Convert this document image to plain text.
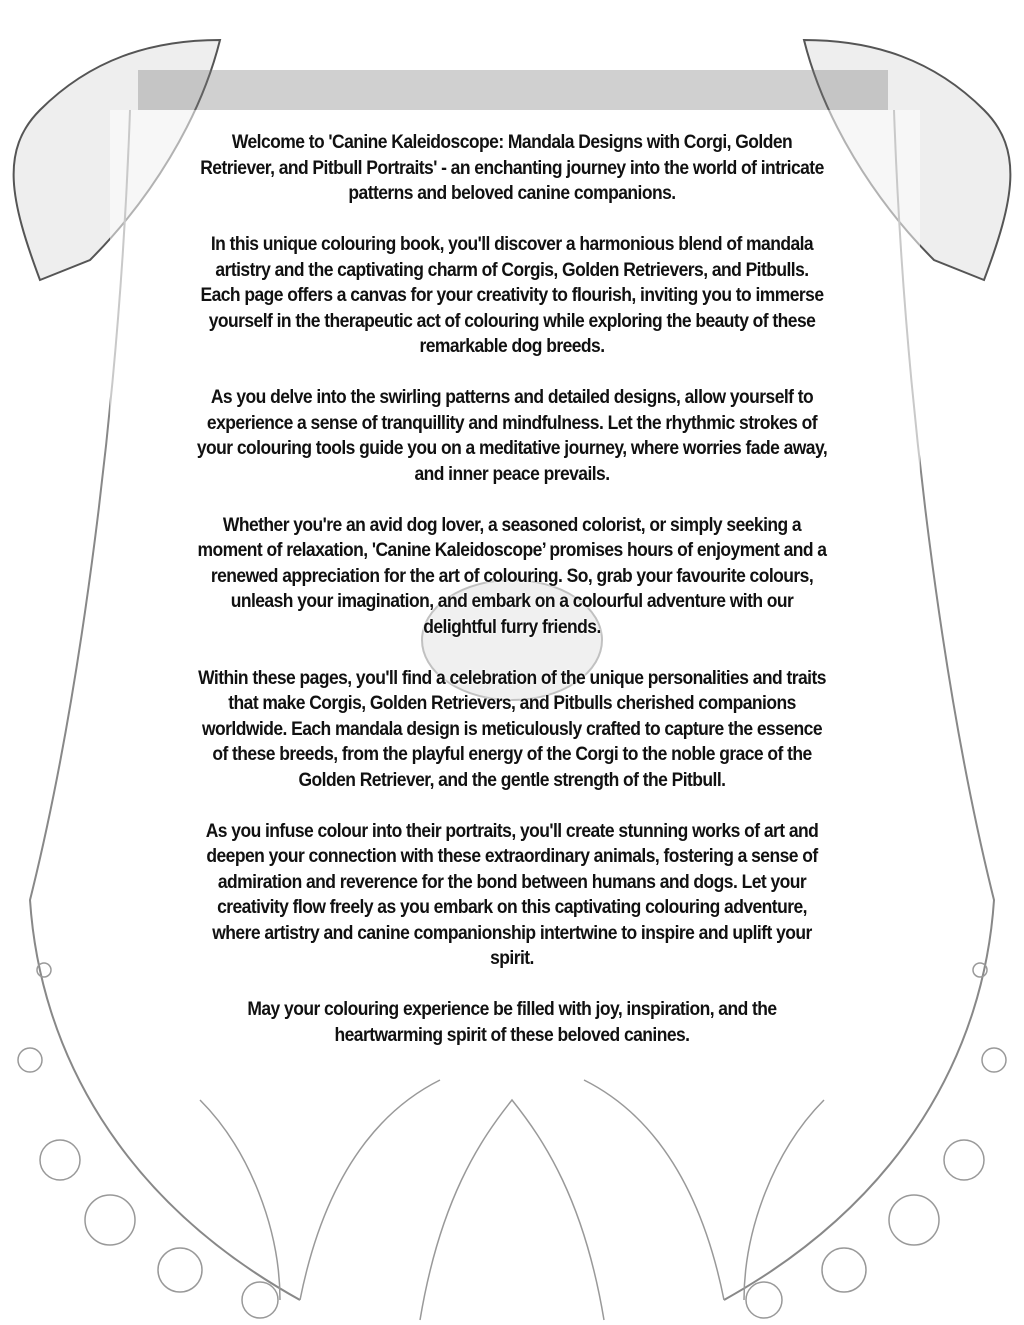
Welcome to 'Canine Kaleidoscope: Mandala Designs with Corgi, Golden
Retriever, and Pitbull Portraits' - an enchanting journey into the world of intricate
patterns and beloved canine companions.
In this unique colouring book, you'll discover a harmonious blend of mandala
artistry and the captivating charm of Corgis, Golden Retrievers, and Pitbulls.
Each page offers a canvas for your creativity to flourish, inviting you to immerse
yourself in the therapeutic act of colouring while exploring the beauty of these
remarkable dog breeds.
As you delve into the swirling patterns and detailed designs, allow yourself to
experience a sense of tranquillity and mindfulness. Let the rhythmic strokes of
your colouring tools guide you on a meditative journey, where worries fade away,
and inner peace prevails.
Whether you're an avid dog lover, a seasoned colorist, or simply seeking a
moment of relaxation, 'Canine Kaleidoscope’ promises hours of enjoyment and a
renewed appreciation for the art of colouring. So, grab your favourite colours,
unleash your imagination, and embark on a colourful adventure with our
delightful furry friends.
Within these pages, you'll find a celebration of the unique personalities and traits
that make Corgis, Golden Retrievers, and Pitbulls cherished companions
worldwide. Each mandala design is meticulously crafted to capture the essence
of these breeds, from the playful energy of the Corgi to the noble grace of the
Golden Retriever, and the gentle strength of the Pitbull.
As you infuse colour into their portraits, you'll create stunning works of art and
deepen your connection with these extraordinary animals, fostering a sense of
admiration and reverence for the bond between humans and dogs. Let your
creativity flow freely as you embark on this captivating colouring adventure,
where artistry and canine companionship intertwine to inspire and uplift your
spirit.
May your colouring experience be filled with joy, inspiration, and the
heartwarming spirit of these beloved canines.
